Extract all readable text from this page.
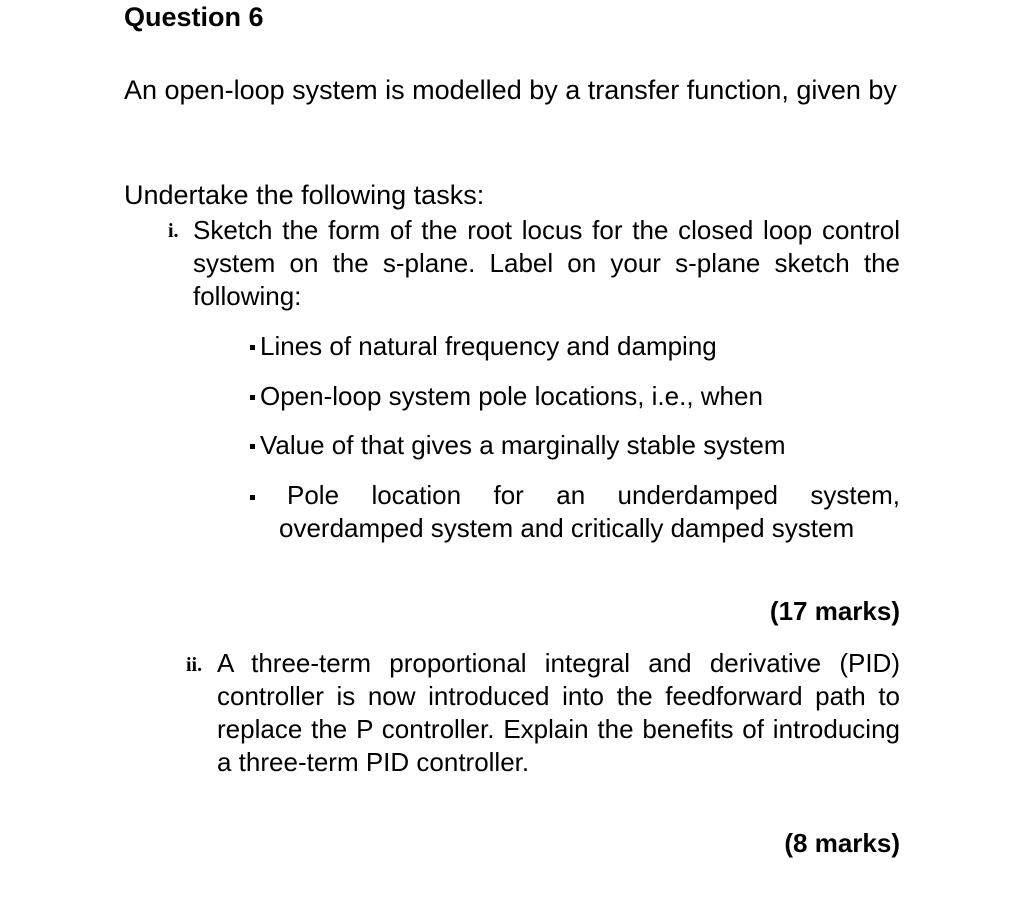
Question 6
An open-loop system is modelled by a transfer function, given by
Undertake the following tasks:
i. Sketch the form of the root locus for the closed loop control system on the s-plane. Label on your s-plane sketch the following:
Lines of natural frequency and damping
Open-loop system pole locations, i.e., when
Value of that gives a marginally stable system
Pole location for an underdamped system, overdamped system and critically damped system
(17 marks)
ii. A three-term proportional integral and derivative (PID) controller is now introduced into the feedforward path to replace the P controller. Explain the benefits of introducing a three-term PID controller.
(8 marks)
